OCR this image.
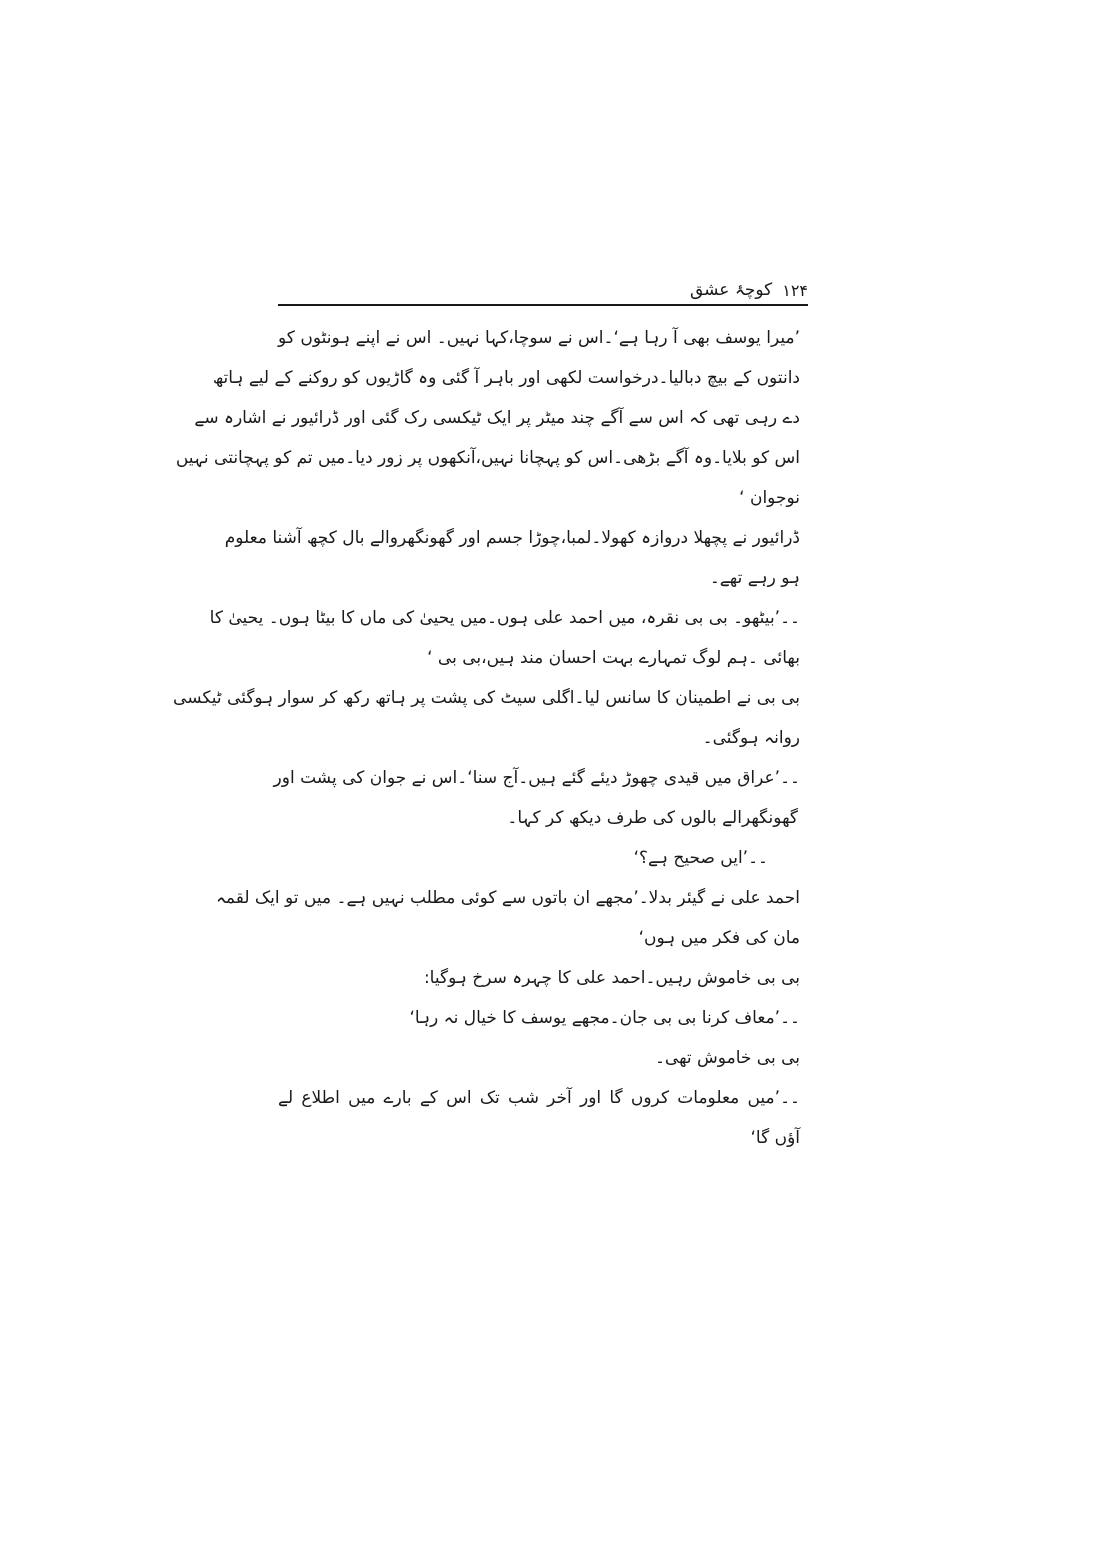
۱۲۴
کوچۂ عشق
’میرا یوسف بھی آ رہا ہے‘۔اس نے سوچا،کہا نہیں۔ اس نے اپنے ہونٹوں کو
دانتوں کے بیچ دبالیا۔درخواست لکھی اور باہر آ گئی وہ گاڑیوں کو روکنے کے لیے ہاتھ
دے رہی تھی کہ اس سے آگے چند میٹر پر ایک ٹیکسی رک گئی اور ڈرائیور نے اشارہ سے
اس کو بلایا۔وہ آگے بڑھی۔اس کو پہچانا نہیں،آنکھوں پر زور دیا۔میں تم کو پہچانتی نہیں
نوجوان ‘
ڈرائیور نے پچھلا دروازہ کھولا۔لمبا،چوڑا جسم اور گھونگھروالے بال کچھ آشنا معلوم
ہو رہے تھے۔
۔۔’بیٹھو۔ بی بی نقرہ، میں احمد علی ہوں۔میں یحییٰ کی ماں کا بیٹا ہوں۔ یحییٰ کا
بھائی ۔ہم لوگ تمہارے بہت احسان مند ہیں،بی بی ‘
بی بی نے اطمینان کا سانس لیا۔اگلی سیٹ کی پشت پر ہاتھ رکھ کر سوار ہوگئی ٹیکسی
روانہ ہوگئی۔
۔۔’عراق میں قیدی چھوڑ دیئے گئے ہیں۔آج سنا‘۔اس نے جوان کی پشت اور
گھونگھرالے بالوں کی طرف دیکھ کر کہا۔
۔۔’ایں صحیح ہے؟‘
احمد علی نے گیئر بدلا۔’مجھے ان باتوں سے کوئی مطلب نہیں ہے۔ میں تو ایک لقمہ
مان کی فکر میں ہوں‘
بی بی خاموش رہیں۔احمد علی کا چہرہ سرخ ہوگیا:
۔۔’معاف کرنا بی بی جان۔مجھے یوسف کا خیال نہ رہا‘
بی بی خاموش تھی۔
۔۔’میں معلومات کروں گا اور آخر شب تک اس کے بارے میں اطلاع لے
آؤں گا‘
